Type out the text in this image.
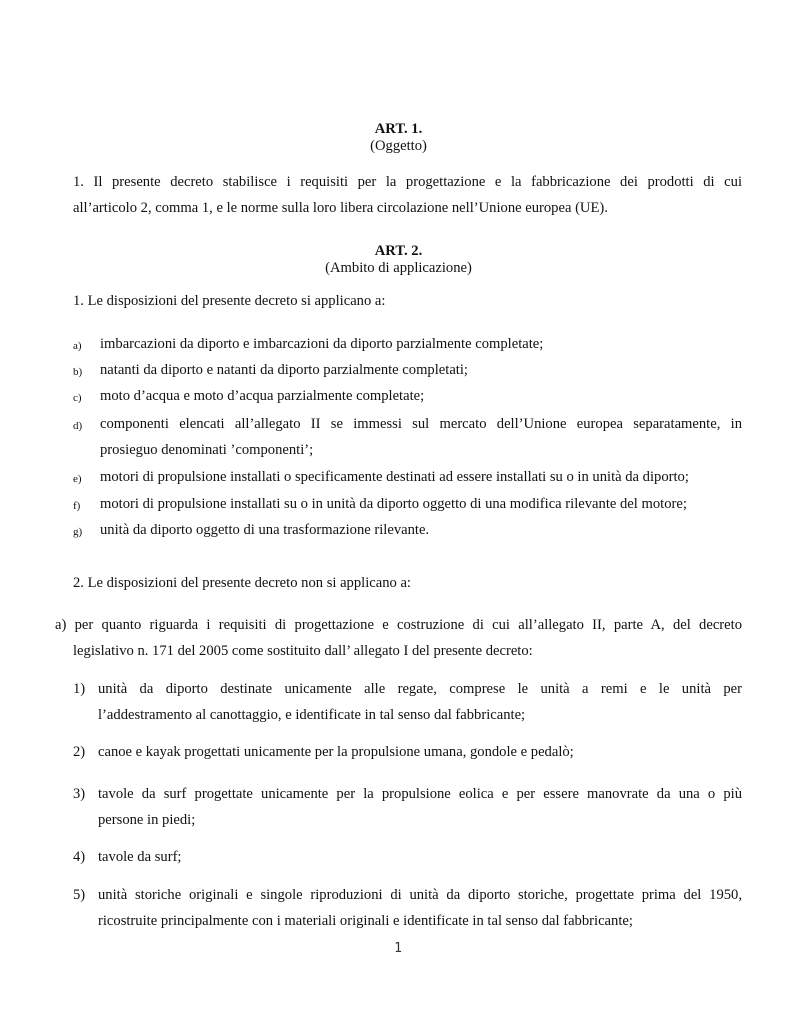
ART. 1.
(Oggetto)
1. Il presente decreto stabilisce i requisiti per la progettazione e la fabbricazione dei prodotti di cui
all’articolo 2, comma 1, e le norme sulla loro libera circolazione nell’Unione europea (UE).
ART. 2.
(Ambito di applicazione)
1. Le disposizioni del presente decreto si applicano a:
a) imbarcazioni da diporto e imbarcazioni da diporto parzialmente completate;
b) natanti da diporto e natanti da diporto parzialmente completati;
c) moto d’acqua e moto d’acqua parzialmente completate;
d) componenti elencati all’allegato II se immessi sul mercato dell’Unione europea separatamente, in
prosieguo denominati ’componenti’;
e) motori di propulsione installati o specificamente destinati ad essere installati su o in unità da diporto;
f) motori di propulsione installati su o in unità da diporto oggetto di una modifica rilevante del motore;
g) unità da diporto oggetto di una trasformazione rilevante.
2. Le disposizioni del presente decreto non si applicano a:
a) per quanto riguarda i requisiti di progettazione e costruzione di cui all’allegato II, parte A, del decreto
legislativo n. 171 del 2005 come sostituito dall’ allegato I del presente decreto:
1) unità da diporto destinate unicamente alle regate, comprese le unità a remi e le unità per
l’addestramento al canottaggio, e identificate in tal senso dal fabbricante;
2) canoe e kayak progettati unicamente per la propulsione umana, gondole e pedalò;
3) tavole da surf progettate unicamente per la propulsione eolica e per essere manovrate da una o più
persone in piedi;
4) tavole da surf;
5) unità storiche originali e singole riproduzioni di unità da diporto storiche, progettate prima del 1950,
ricostruite principalmente con i materiali originali e identificate in tal senso dal fabbricante;
1
